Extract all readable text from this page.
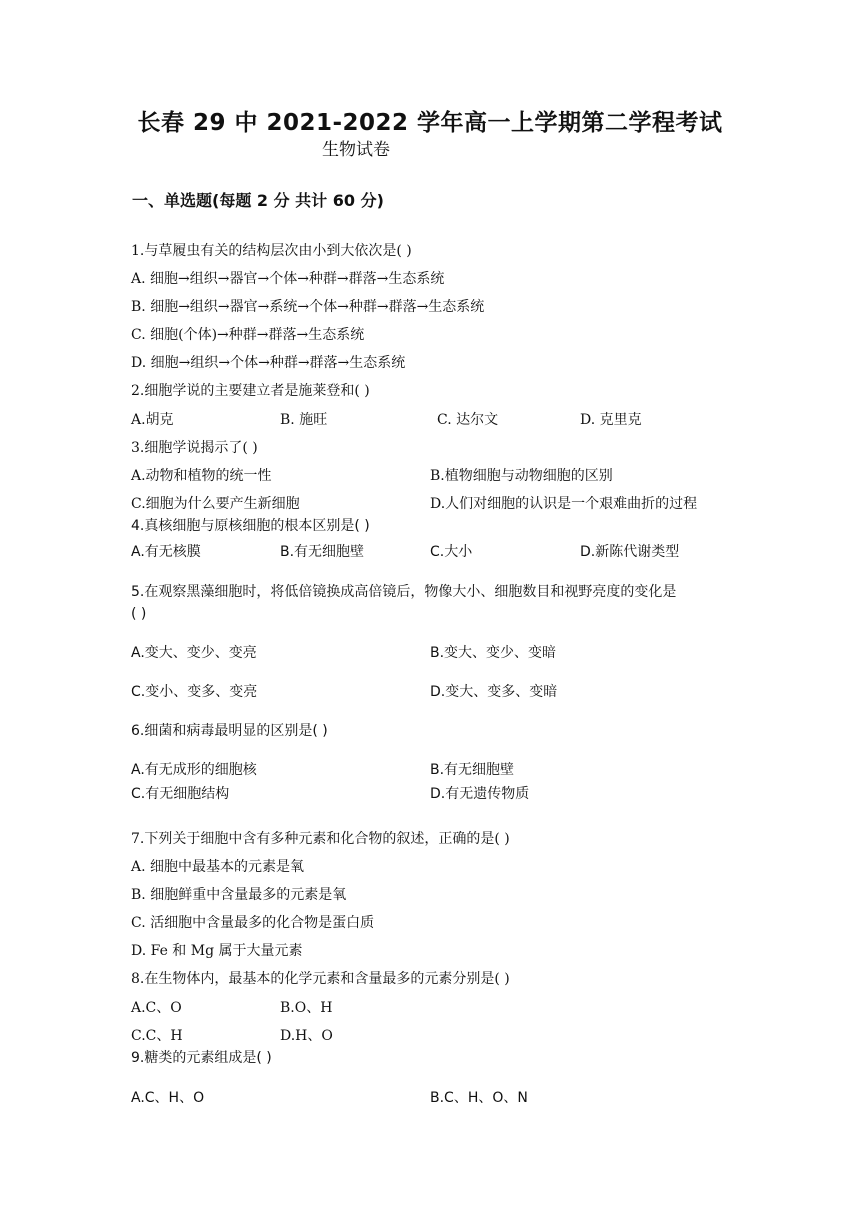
长春 29 中 2021-2022 学年高一上学期第二学程考试
生物试卷
一、单选题(每题 2 分 共计 60 分)
1.与草履虫有关的结构层次由小到大依次是( )
A. 细胞→组织→器官→个体→种群→群落→生态系统
B. 细胞→组织→器官→系统→个体→种群→群落→生态系统
C. 细胞(个体)→种群→群落→生态系统
D. 细胞→组织→个体→种群→群落→生态系统
2.细胞学说的主要建立者是施莱登和( )
A.胡克	B. 施旺	C. 达尔文	D. 克里克
3.细胞学说揭示了( )
A.动物和植物的统一性	B.植物细胞与动物细胞的区别
C.细胞为什么要产生新细胞	D.人们对细胞的认识是一个艰难曲折的过程
4.真核细胞与原核细胞的根本区别是( )
A.有无核膜	B.有无细胞壁	C.大小	D.新陈代谢类型
5.在观察黑藻细胞时，将低倍镜换成高倍镜后，物像大小、细胞数目和视野亮度的变化是
( )
A.变大、变少、变亮	B.变大、变少、变暗
C.变小、变多、变亮	D.变大、变多、变暗
6.细菌和病毒最明显的区别是( )
A.有无成形的细胞核	B.有无细胞壁
C.有无细胞结构	D.有无遗传物质
7.下列关于细胞中含有多种元素和化合物的叙述，正确的是( )
A. 细胞中最基本的元素是氧
B. 细胞鲜重中含量最多的元素是氧
C. 活细胞中含量最多的化合物是蛋白质
D. Fe 和 Mg 属于大量元素
8.在生物体内，最基本的化学元素和含量最多的元素分别是( )
A.C、O	B.O、H
C.C、H	D.H、O
9.糖类的元素组成是( )
A.C、H、O	B.C、H、O、N
